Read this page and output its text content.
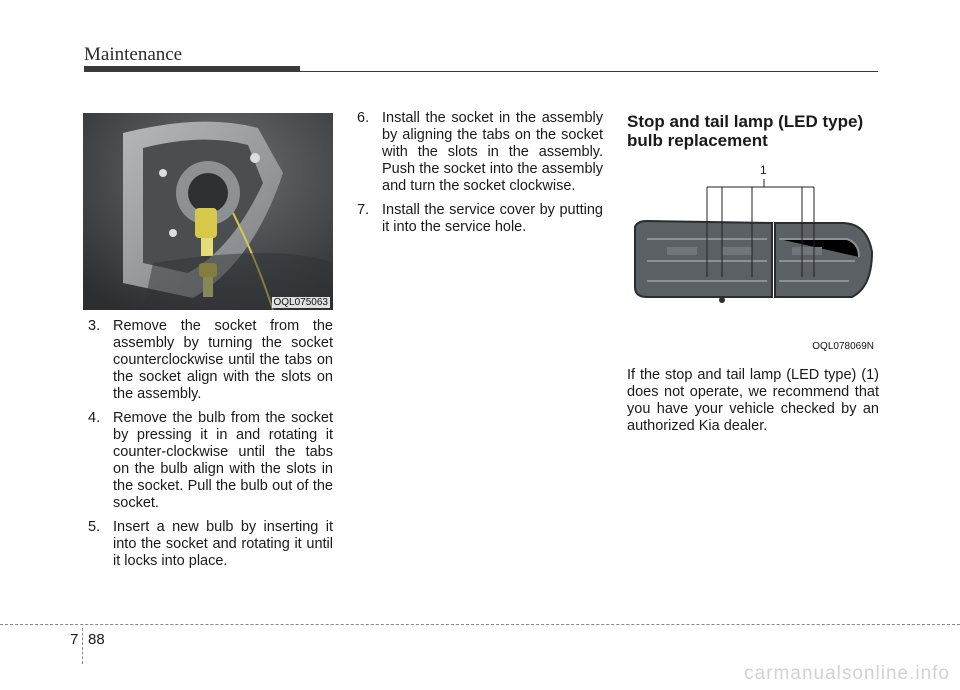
Maintenance
OQL075063
3. Remove the socket from the assembly by turning the socket counterclockwise until the tabs on the socket align with the slots on the assembly.
4. Remove the bulb from the socket by pressing it in and rotating it counter-clockwise until the tabs on the bulb align with the slots in the socket. Pull the bulb out of the socket.
5. Insert a new bulb by inserting it into the socket and rotating it until it locks into place.
6. Install the socket in the assembly by aligning the tabs on the socket with the slots in the assembly. Push the socket into the assembly and turn the socket clockwise.
7. Install the service cover by putting it into the service hole.
Stop and tail lamp (LED type) bulb replacement
1
OQL078069N
If the stop and tail lamp (LED type) (1) does not operate, we recommend that you have your vehicle checked by an authorized Kia dealer.
7 88
carmanualsonline.info
